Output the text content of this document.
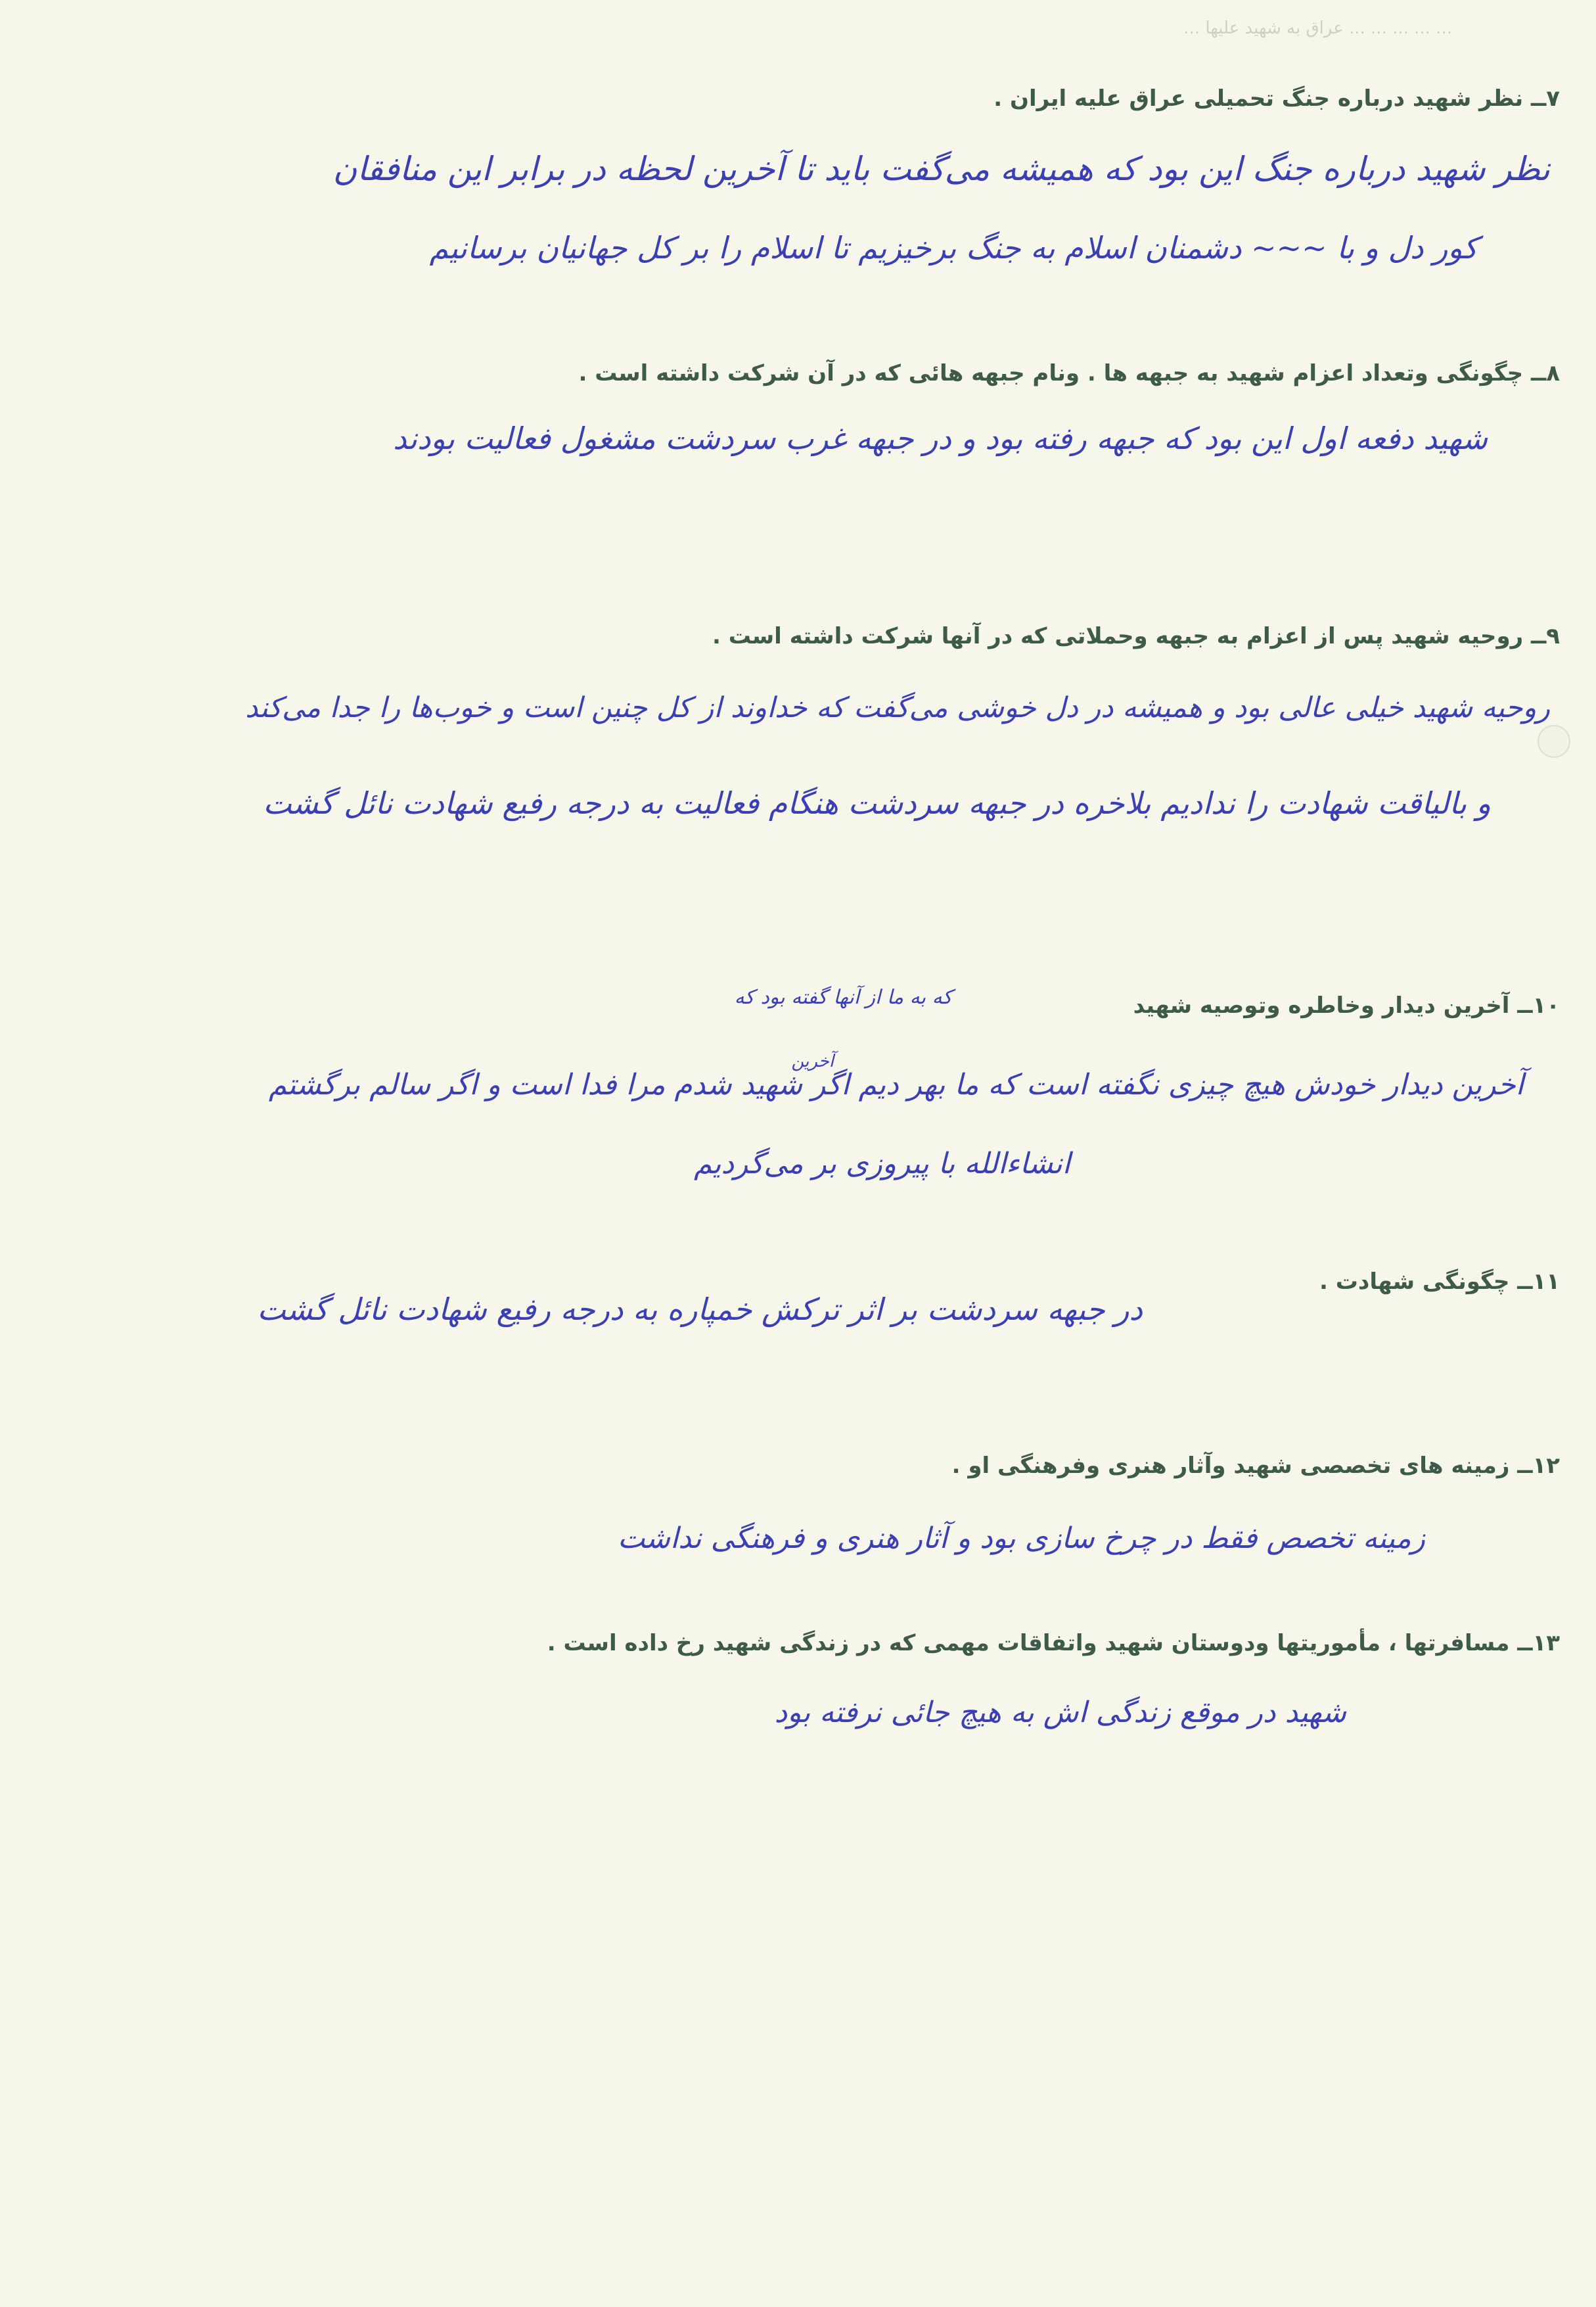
... ... ... ... ... عراق به شهید علیها ...
۷ــ نظر شهید درباره جنگ تحمیلی عراق علیه ایران .
نظر شهید درباره جنگ این بود که همیشه می‌گفت باید تا آخرین لحظه در برابر این منافقان
کور دل و با ~~~ دشمنان اسلام به جنگ برخیزیم تا اسلام را بر کل جهانیان برسانیم
۸ــ چگونگی وتعداد اعزام شهید به جبهه ها . ونام جبهه هائی که در آن شرکت داشته است .
شهید دفعه اول این بود که جبهه رفته بود و در جبهه غرب سردشت مشغول فعالیت بودند
۹ــ روحیه شهید پس از اعزام به جبهه وحملاتی که در آنها شرکت داشته است .
روحیه شهید خیلی عالی بود و همیشه در دل خوشی می‌گفت که خداوند از کل چنین است و خوب‌ها را جدا می‌کند
و بالیاقت شهادت را ندادیم بلاخره در جبهه سردشت هنگام فعالیت به درجه رفیع شهادت نائل گشت
که به ما از آنها گفته بود که
آخرین
۱۰ــ آخرین دیدار وخاطره وتوصیه شهید
آخرین دیدار خودش هیچ چیزی نگفته است که ما بهر دیم اگر شهید شدم مرا فدا است و اگر سالم برگشتم
انشاءالله با پیروزی بر می‌گردیم
۱۱ــ چگونگی شهادت .
در جبهه سردشت بر اثر ترکش خمپاره به درجه رفیع شهادت نائل گشت
۱۲ــ زمینه های تخصصی شهید وآثار هنری وفرهنگی او .
زمینه تخصص فقط در چرخ سازی بود و آثار هنری و فرهنگی نداشت
۱۳ــ مسافرتها ، مأموریتها ودوستان شهید واتفاقات مهمی که در زندگی شهید رخ داده است .
شهید در موقع زندگی اش به هیچ جائی نرفته بود
